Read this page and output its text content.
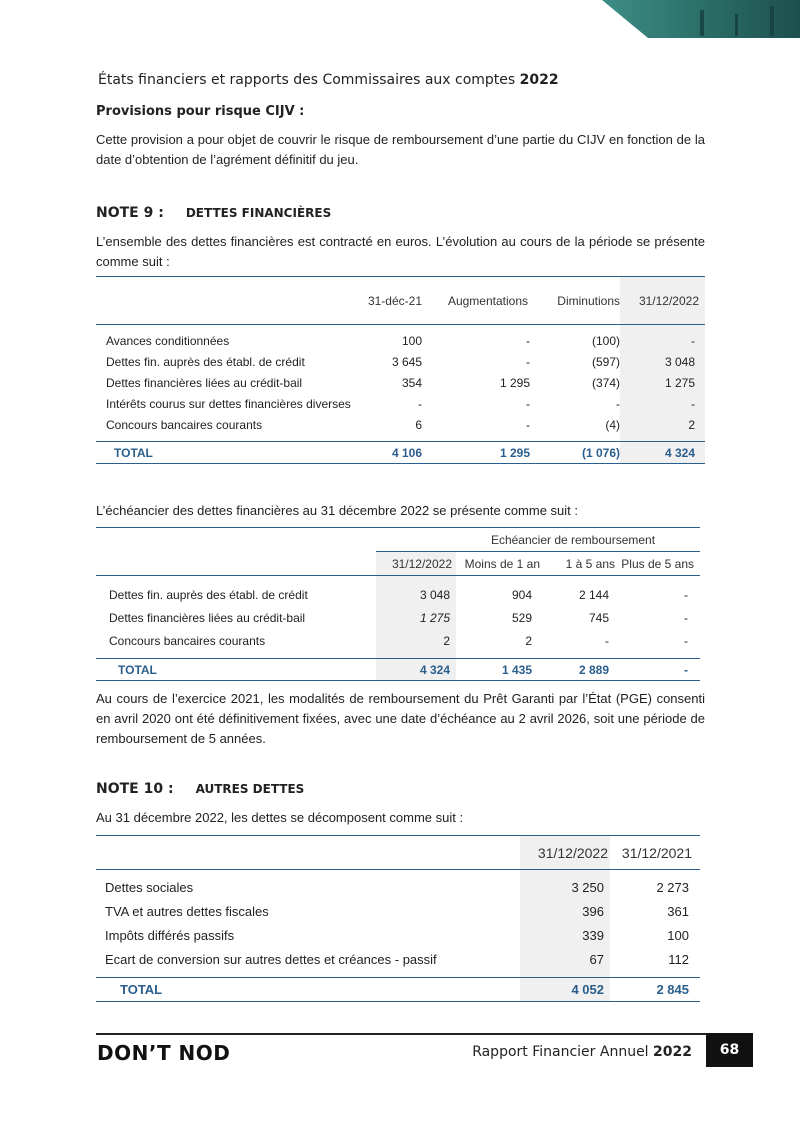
États financiers et rapports des Commissaires aux comptes 2022
Provisions pour risque CIJV :
Cette provision a pour objet de couvrir le risque de remboursement d’une partie du CIJV en fonction de la date d’obtention de l’agrément définitif du jeu.
NOTE 9 : DETTES FINANCIÈRES
L’ensemble des dettes financières est contracté en euros. L’évolution au cours de la période se présente comme suit :
	31-déc-21	Augmentations	Diminutions	31/12/2022

Avances conditionnées	100	-	(100)	-
Dettes fin. auprès des établ. de crédit	3 645	-	(597)	3 048
Dettes financières liées au crédit-bail	354	1 295	(374)	1 275
Intérêts courus sur dettes financières diverses	-	-	-	-
Concours bancaires courants	6	-	(4)	2

TOTAL	4 106	1 295	(1 076)	4 324
L’échéancier des dettes financières au 31 décembre 2022 se présente comme suit :
	Echéancier de remboursement			
	31/12/2022	Moins de 1 an	1 à 5 ans	Plus de 5 ans

Dettes fin. auprès des établ. de crédit	3 048	904	2 144	-
Dettes financières liées au crédit-bail	1 275	529	745	-
Concours bancaires courants	2	2	-	-

TOTAL	4 324	1 435	2 889	-
Au cours de l’exercice 2021, les modalités de remboursement du Prêt Garanti par l’État (PGE) consenti en avril 2020 ont été définitivement fixées, avec une date d’échéance au 2 avril 2026, soit une période de remboursement de 5 années.
NOTE 10 : AUTRES DETTES
Au 31 décembre 2022, les dettes se décomposent comme suit :
	31/12/2022	31/12/2021

Dettes sociales	3 250	2 273
TVA et autres dettes fiscales	396	361
Impôts différés passifs	339	100
Ecart de conversion sur autres dettes et créances - passif	67	112

TOTAL	4 052	2 845
DON’T NOD	Rapport Financier Annuel 2022	68
